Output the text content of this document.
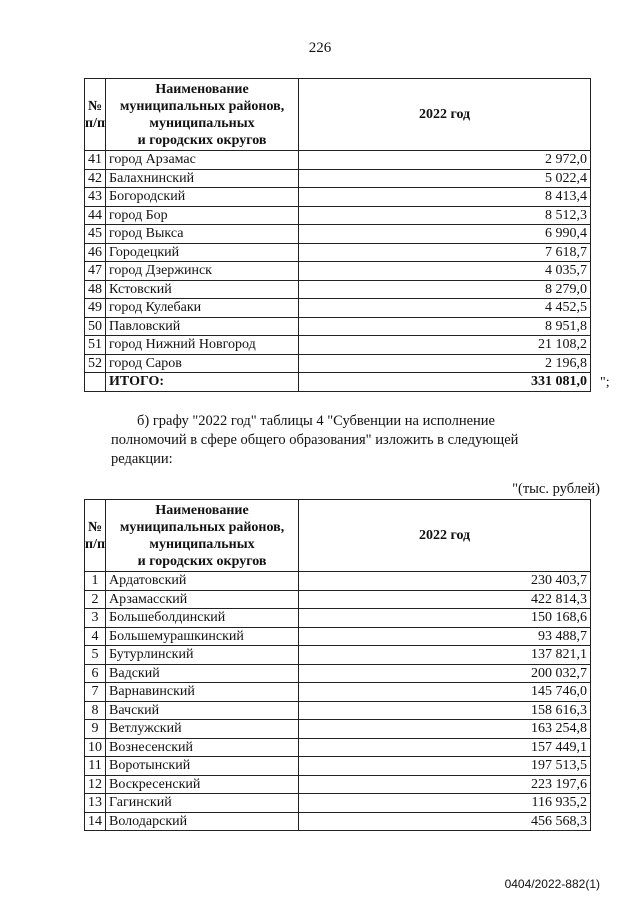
226
№
п/п	Наименование
муниципальных районов,
муниципальных
и городских округов	2022 год
41	город Арзамас	2 972,0
42	Балахнинский	5 022,4
43	Богородский	8 413,4
44	город Бор	8 512,3
45	город Выкса	6 990,4
46	Городецкий	7 618,7
47	город Дзержинск	4 035,7
48	Кстовский	8 279,0
49	город Кулебаки	4 452,5
50	Павловский	8 951,8
51	город Нижний Новгород	21 108,2
52	город Саров	2 196,8
	ИТОГО:	331 081,0 ";
б) графу "2022 год" таблицы 4 "Субвенции на исполнение
полномочий в сфере общего образования" изложить в следующей
редакции:
"(тыс. рублей)
№
п/п	Наименование
муниципальных районов,
муниципальных
и городских округов	2022 год
1	Ардатовский	230 403,7
2	Арзамасский	422 814,3
3	Большеболдинский	150 168,6
4	Большемурашкинский	93 488,7
5	Бутурлинский	137 821,1
6	Вадский	200 032,7
7	Варнавинский	145 746,0
8	Вачский	158 616,3
9	Ветлужский	163 254,8
10	Вознесенский	157 449,1
11	Воротынский	197 513,5
12	Воскресенский	223 197,6
13	Гагинский	116 935,2
14	Володарский	456 568,3
0404/2022-882(1)
